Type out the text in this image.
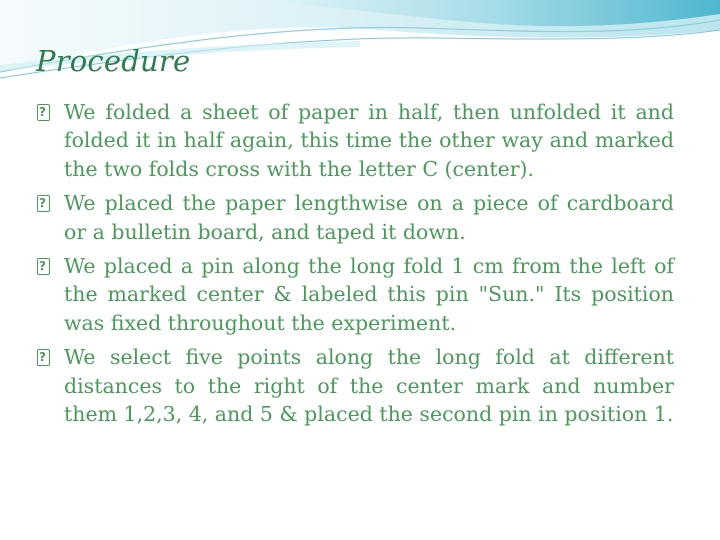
Procedure

? We folded a sheet of paper in half, then unfolded it and folded it in half again, this time the other way and marked the two folds cross with the letter C (center).

? We placed the paper lengthwise on a piece of cardboard or a bulletin board, and taped it down.

? We placed a pin along the long fold 1 cm from the left of the marked center & labeled this pin "Sun." Its position was fixed throughout the experiment.

? We select five points along the long fold at different distances to the right of the center mark and number them 1,2,3, 4, and 5 & placed the second pin in position 1.
